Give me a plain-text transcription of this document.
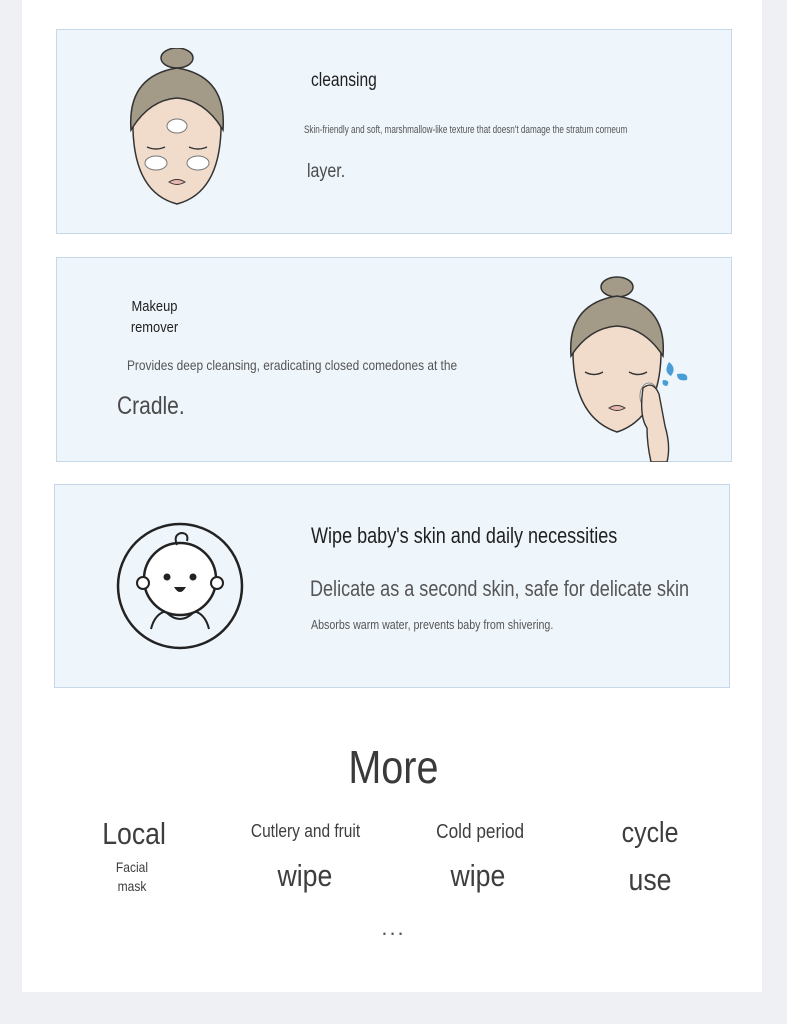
cleansing
Skin-friendly and soft, marshmallow-like texture that doesn't damage the stratum corneum
layer.
Makeup remover
Provides deep cleansing, eradicating closed comedones at the
Cradle.
Wipe baby's skin and daily necessities
Delicate as a second skin, safe for delicate skin
Absorbs warm water, prevents baby from shivering.
More
Local
Facial mask
Cutlery and fruit
wipe
Cold period
wipe
cycle
use
...
